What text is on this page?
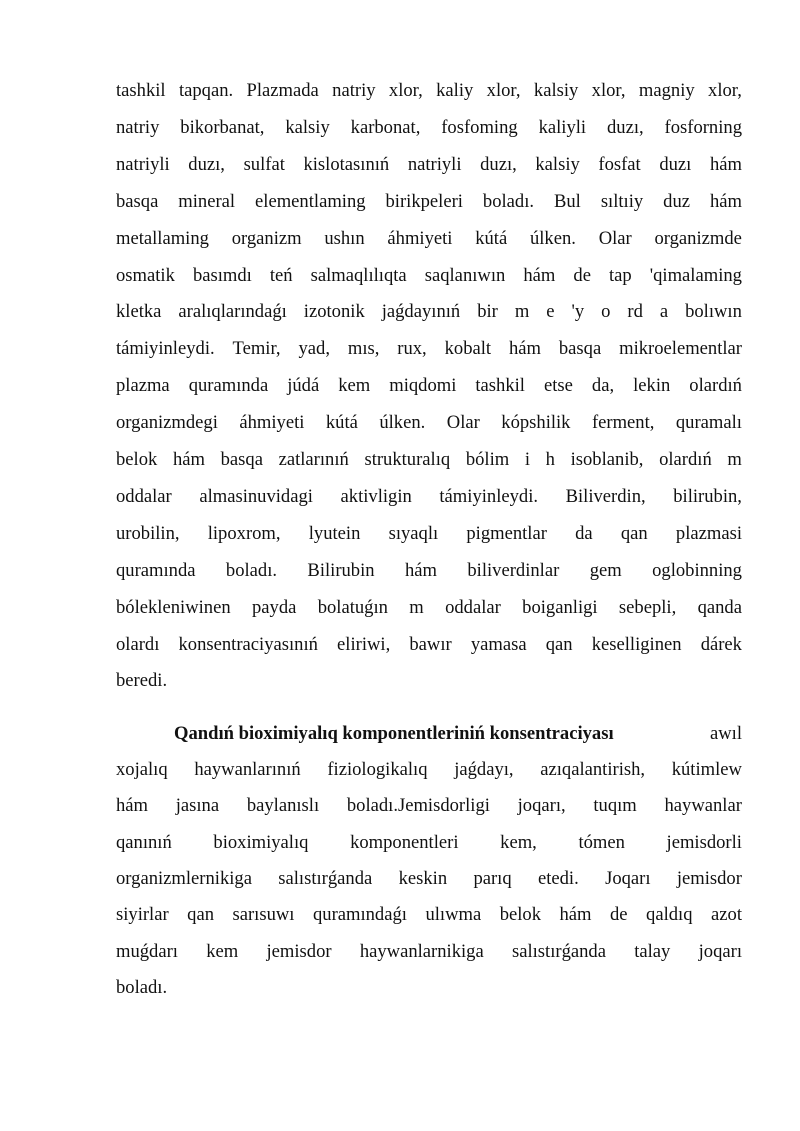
tashkil tapqan. Plazmada natriy xlor, kaliy xlor, kalsiy xlor, magniy xlor,
natriy bikorbanat, kalsiy karbonat, fosfoming kaliyli duzı, fosforning
natriyli duzı, sulfat kislotasınıń natriyli duzı, kalsiy fosfat duzı hám
basqa mineral elementlaming birikpeleri boladı. Bul sıltıiy duz hám
metallaming organizm ushın áhmiyeti kútá úlken. Olar organizmde
osmatik basımdı teń salmaqlılıqta saqlanıwın hám de tap 'qimalaming
kletka aralıqlarındaǵı izotonik jaǵdayınıń bir m e 'y o rd a bolıwın
támiyinleydi. Temir, yad, mıs, rux, kobalt hám basqa mikroelementlar
plazma quramında júdá kem miqdomi tashkil etse da, lekin olardıń
organizmdegi áhmiyeti kútá úlken. Olar kópshilik ferment, quramalı
belok hám basqa zatlarınıń strukturalıq bólim i h isoblanib, olardıń m
oddalar almasinuvidagi aktivligin támiyinleydi. Biliverdin, bilirubin,
urobilin, lipoxrom, lyutein sıyaqlı pigmentlar da qan plazmasi
quramında boladı. Bilirubin hám biliverdinlar gem oglobinning
bólekleniwinen payda bolatuǵın m oddalar boiganligi sebepli, qanda
olardı konsentraciyasınıń eliriwi, bawır yamasa qan keselliginen dárek
beredi.
Qandıń bioximiyalıq komponentleriniń konsentraciyası	awıl
xojalıq haywanlarınıń fiziologikalıq jaǵdayı, azıqalantirish, kútimlew
hám jasına baylanıslı boladı.Jemisdorligi joqarı, tuqım haywanlar
qanınıń bioximiyalıq komponentleri kem, tómen jemisdorli
organizmlernikiga salıstırǵanda keskin parıq etedi. Joqarı jemisdor
siyirlar qan sarısuwı quramındaǵı ulıwma belok hám de qaldıq azot
muǵdarı kem jemisdor haywanlarnikiga salıstırǵanda talay joqarı
boladı.
